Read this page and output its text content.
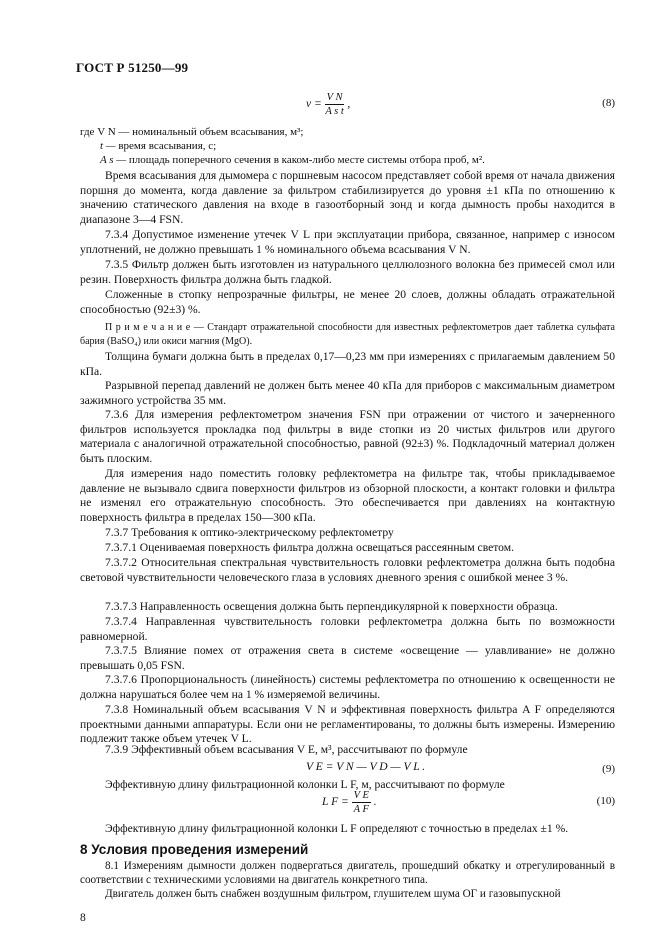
ГОСТ Р 51250—99
$v = \frac{\text{V N}}{\text{A s t}}$ ,	(8)
где V N — номинальный объем всасывания, м³;
t — время всасывания, с;
A s — площадь поперечного сечения в каком-либо месте системы отбора проб, м².

Время всасывания для дымомера с поршневым насосом представляет собой время от начала движения поршня до момента, когда давление за фильтром стабилизируется до уровня ±1 кПа по отношению к значению статического давления на входе в газоотборный зонд и когда дымность пробы находится в диапазоне 3—4 FSN.

7.3.4 Допустимое изменение утечек V L при эксплуатации прибора, связанное, например с износом уплотнений, не должно превышать 1 % номинального объема всасывания V N.

7.3.5 Фильтр должен быть изготовлен из натурального целлюлозного волокна без примесей смол или резин. Поверхность фильтра должна быть гладкой.

Сложенные в стопку непрозрачные фильтры, не менее 20 слоев, должны обладать отражательной способностью (92±3) %.

П р и м е ч а н и е — Стандарт отражательной способности для известных рефлектометров дает таблетка сульфата бария (BaSO₄) или окиси магния (MgO).

Толщина бумаги должна быть в пределах 0,17—0,23 мм при измерениях с прилагаемым давлением 50 кПа.

Разрывной перепад давлений не должен быть менее 40 кПа для приборов с максимальным диаметром зажимного устройства 35 мм.

7.3.6 Для измерения рефлектометром значения FSN при отражении от чистого и зачерненного фильтров используется прокладка под фильтры в виде стопки из 20 чистых фильтров или другого материала с аналогичной отражательной способностью, равной (92±3) %. Подкладочный материал должен быть плоским.

Для измерения надо поместить головку рефлектометра на фильтре так, чтобы прикладываемое давление не вызывало сдвига поверхности фильтров из обзорной плоскости, а контакт головки и фильтра не изменял его отражательную способность. Это обеспечивается при давлениях на контактную поверхность фильтра в пределах 150—300 кПа.

7.3.7 Требования к оптико-электрическому рефлектометру

7.3.7.1 Оцениваемая поверхность фильтра должна освещаться рассеянным светом.

7.3.7.2 Относительная спектральная чувствительность головки рефлектометра должна быть подобна световой чувствительности человеческого глаза в условиях дневного зрения с ошибкой менее 3 %.

7.3.7.3 Направленность освещения должна быть перпендикулярной к поверхности образца.

7.3.7.4 Направленная чувствительность головки рефлектометра должна быть по возможности равномерной.

7.3.7.5 Влияние помех от отражения света в системе «освещение — улавливание» не должно превышать 0,05 FSN.

7.3.7.6 Пропорциональность (линейность) системы рефлектометра по отношению к освещенности не должна нарушаться более чем на 1 % измеряемой величины.

7.3.8 Номинальный объем всасывания V N и эффективная поверхность фильтра A F определяются проектными данными аппаратуры. Если они не регламентированы, то должны быть измерены. Измерению подлежит также объем утечек V L.

7.3.9 Эффективный объем всасывания V E, м³, рассчитывают по формуле

V E = V N — V D — V L .	(9)

Эффективную длину фильтрационной колонки L F, м, рассчитывают по формуле

L $F = \frac{\text{V E}}{\text{A F}}$ .	(10)

Эффективную длину фильтрационной колонки L F определяют с точностью в пределах ±1 %.

8 Условия проведения измерений
8

8.1 Измерениям дымности должен подвергаться двигатель, прошедший обкатку и отрегулированный в соответствии с техническими условиями на двигатель конкретного типа.

Двигатель должен быть снабжен воздушным фильтром, глушителем шума ОГ и газовыпускной
